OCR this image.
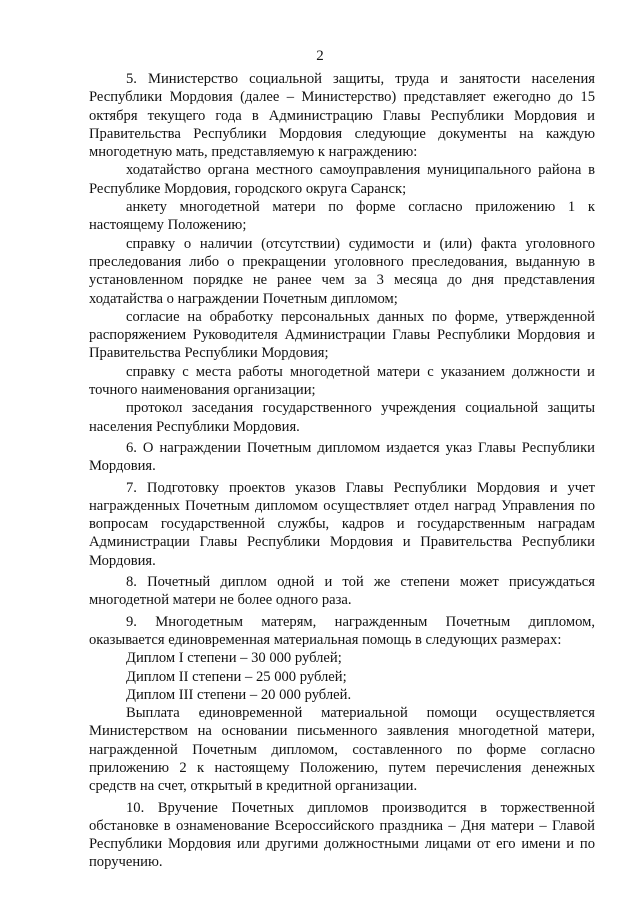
2

5. Министерство социальной защиты, труда и занятости населения Республики Мордовия (далее – Министерство) представляет ежегодно до 15 октября текущего года в Администрацию Главы Республики Мордовия и Правительства Республики Мордовия следующие документы на каждую многодетную мать, представляемую к награждению:

ходатайство органа местного самоуправления муниципального района в Республике Мордовия, городского округа Саранск;

анкету многодетной матери по форме согласно приложению 1 к настоящему Положению;

справку о наличии (отсутствии) судимости и (или) факта уголовного преследования либо о прекращении уголовного преследования, выданную в установленном порядке не ранее чем за 3 месяца до дня представления ходатайства о награждении Почетным дипломом;

согласие на обработку персональных данных по форме, утвержденной распоряжением Руководителя Администрации Главы Республики Мордовия и Правительства Республики Мордовия;

справку с места работы многодетной матери с указанием должности и точного наименования организации;

протокол заседания государственного учреждения социальной защиты населения Республики Мордовия.

6. О награждении Почетным дипломом издается указ Главы Республики Мордовия.

7. Подготовку проектов указов Главы Республики Мордовия и учет награжденных Почетным дипломом осуществляет отдел наград Управления по вопросам государственной службы, кадров и государственным наградам Администрации Главы Республики Мордовия и Правительства Республики Мордовия.

8. Почетный диплом одной и той же степени может присуждаться многодетной матери не более одного раза.

9. Многодетным матерям, награжденным Почетным дипломом, оказывается единовременная материальная помощь в следующих размерах:

Диплом I степени – 30 000 рублей;

Диплом II степени – 25 000 рублей;

Диплом III степени – 20 000 рублей.

Выплата единовременной материальной помощи осуществляется Министерством на основании письменного заявления многодетной матери, награжденной Почетным дипломом, составленного по форме согласно приложению 2 к настоящему Положению, путем перечисления денежных средств на счет, открытый в кредитной организации.

10. Вручение Почетных дипломов производится в торжественной обстановке в ознаменование Всероссийского праздника – Дня матери – Главой Республики Мордовия или другими должностными лицами от его имени и по поручению.
